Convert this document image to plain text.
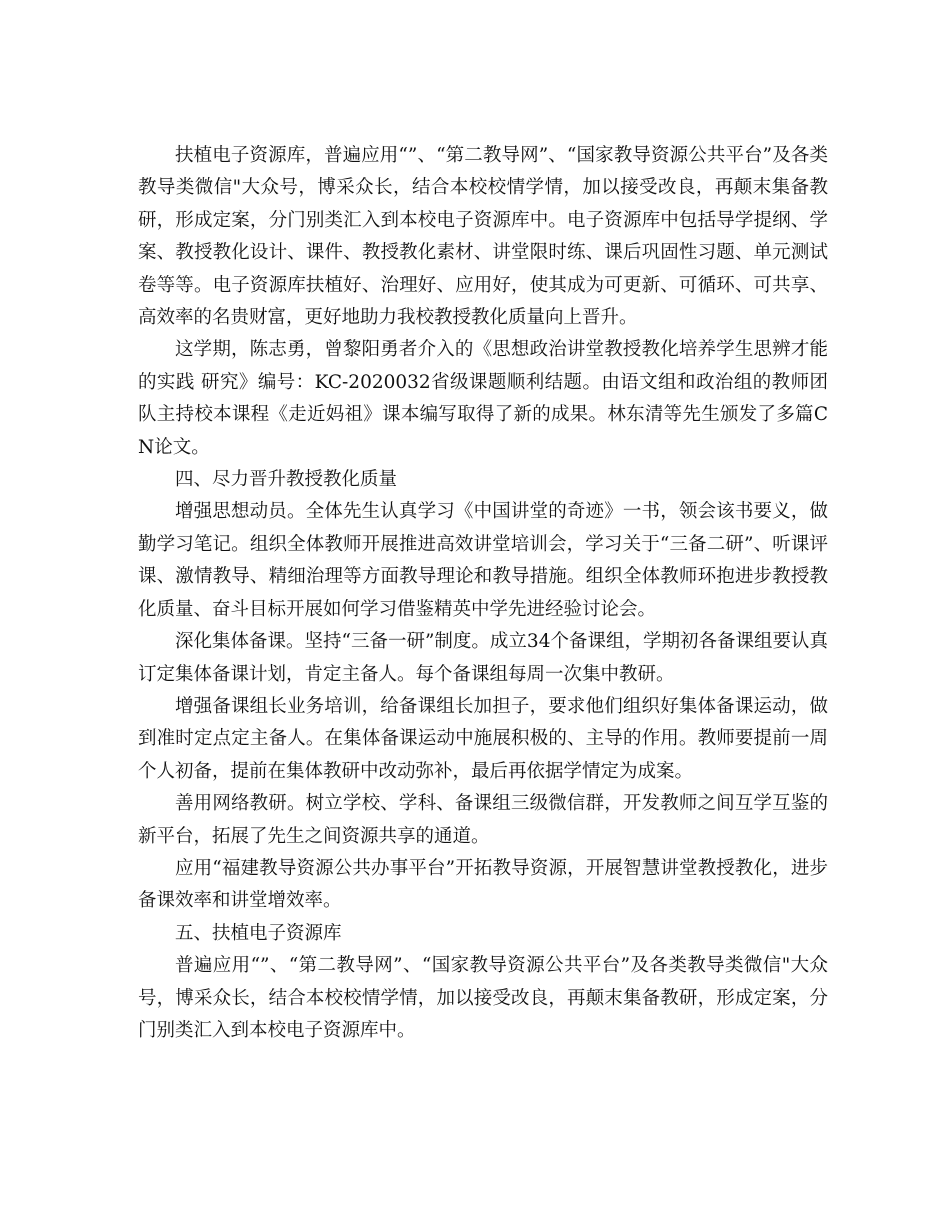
扶植电子资源库，普遍应用“”、“第二教导网”、“国家教导资源公共平台”及各类教导类微信"大众号，博采众长，结合本校校情学情，加以接受改良，再颠末集备教研，形成定案，分门别类汇入到本校电子资源库中。电子资源库中包括导学提纲、学案、教授教化设计、课件、教授教化素材、讲堂限时练、课后巩固性习题、单元测试卷等等。电子资源库扶植好、治理好、应用好，使其成为可更新、可循环、可共享、高效率的名贵财富，更好地助力我校教授教化质量向上晋升。

这学期，陈志勇，曾黎阳勇者介入的《思想政治讲堂教授教化培养学生思辨才能的实践 研究》编号：KC-2020032省级课题顺利结题。由语文组和政治组的教师团队主持校本课程《走近妈祖》课本编写取得了新的成果。林东清等先生颁发了多篇CN论文。

四、尽力晋升教授教化质量

增强思想动员。全体先生认真学习《中国讲堂的奇迹》一书，领会该书要义，做勤学习笔记。组织全体教师开展推进高效讲堂培训会，学习关于“三备二研”、听课评课、激情教导、精细治理等方面教导理论和教导措施。组织全体教师环抱进步教授教化质量、奋斗目标开展如何学习借鉴精英中学先进经验讨论会。

深化集体备课。坚持“三备一研”制度。成立34个备课组，学期初各备课组要认真订定集体备课计划，肯定主备人。每个备课组每周一次集中教研。

增强备课组长业务培训，给备课组长加担子，要求他们组织好集体备课运动，做到准时定点定主备人。在集体备课运动中施展积极的、主导的作用。教师要提前一周个人初备，提前在集体教研中改动弥补，最后再依据学情定为成案。

善用网络教研。树立学校、学科、备课组三级微信群，开发教师之间互学互鉴的新平台，拓展了先生之间资源共享的通道。

应用“福建教导资源公共办事平台”开拓教导资源，开展智慧讲堂教授教化，进步备课效率和讲堂增效率。

五、扶植电子资源库

普遍应用“”、“第二教导网”、“国家教导资源公共平台”及各类教导类微信"大众号，博采众长，结合本校校情学情，加以接受改良，再颠末集备教研，形成定案，分门别类汇入到本校电子资源库中。
